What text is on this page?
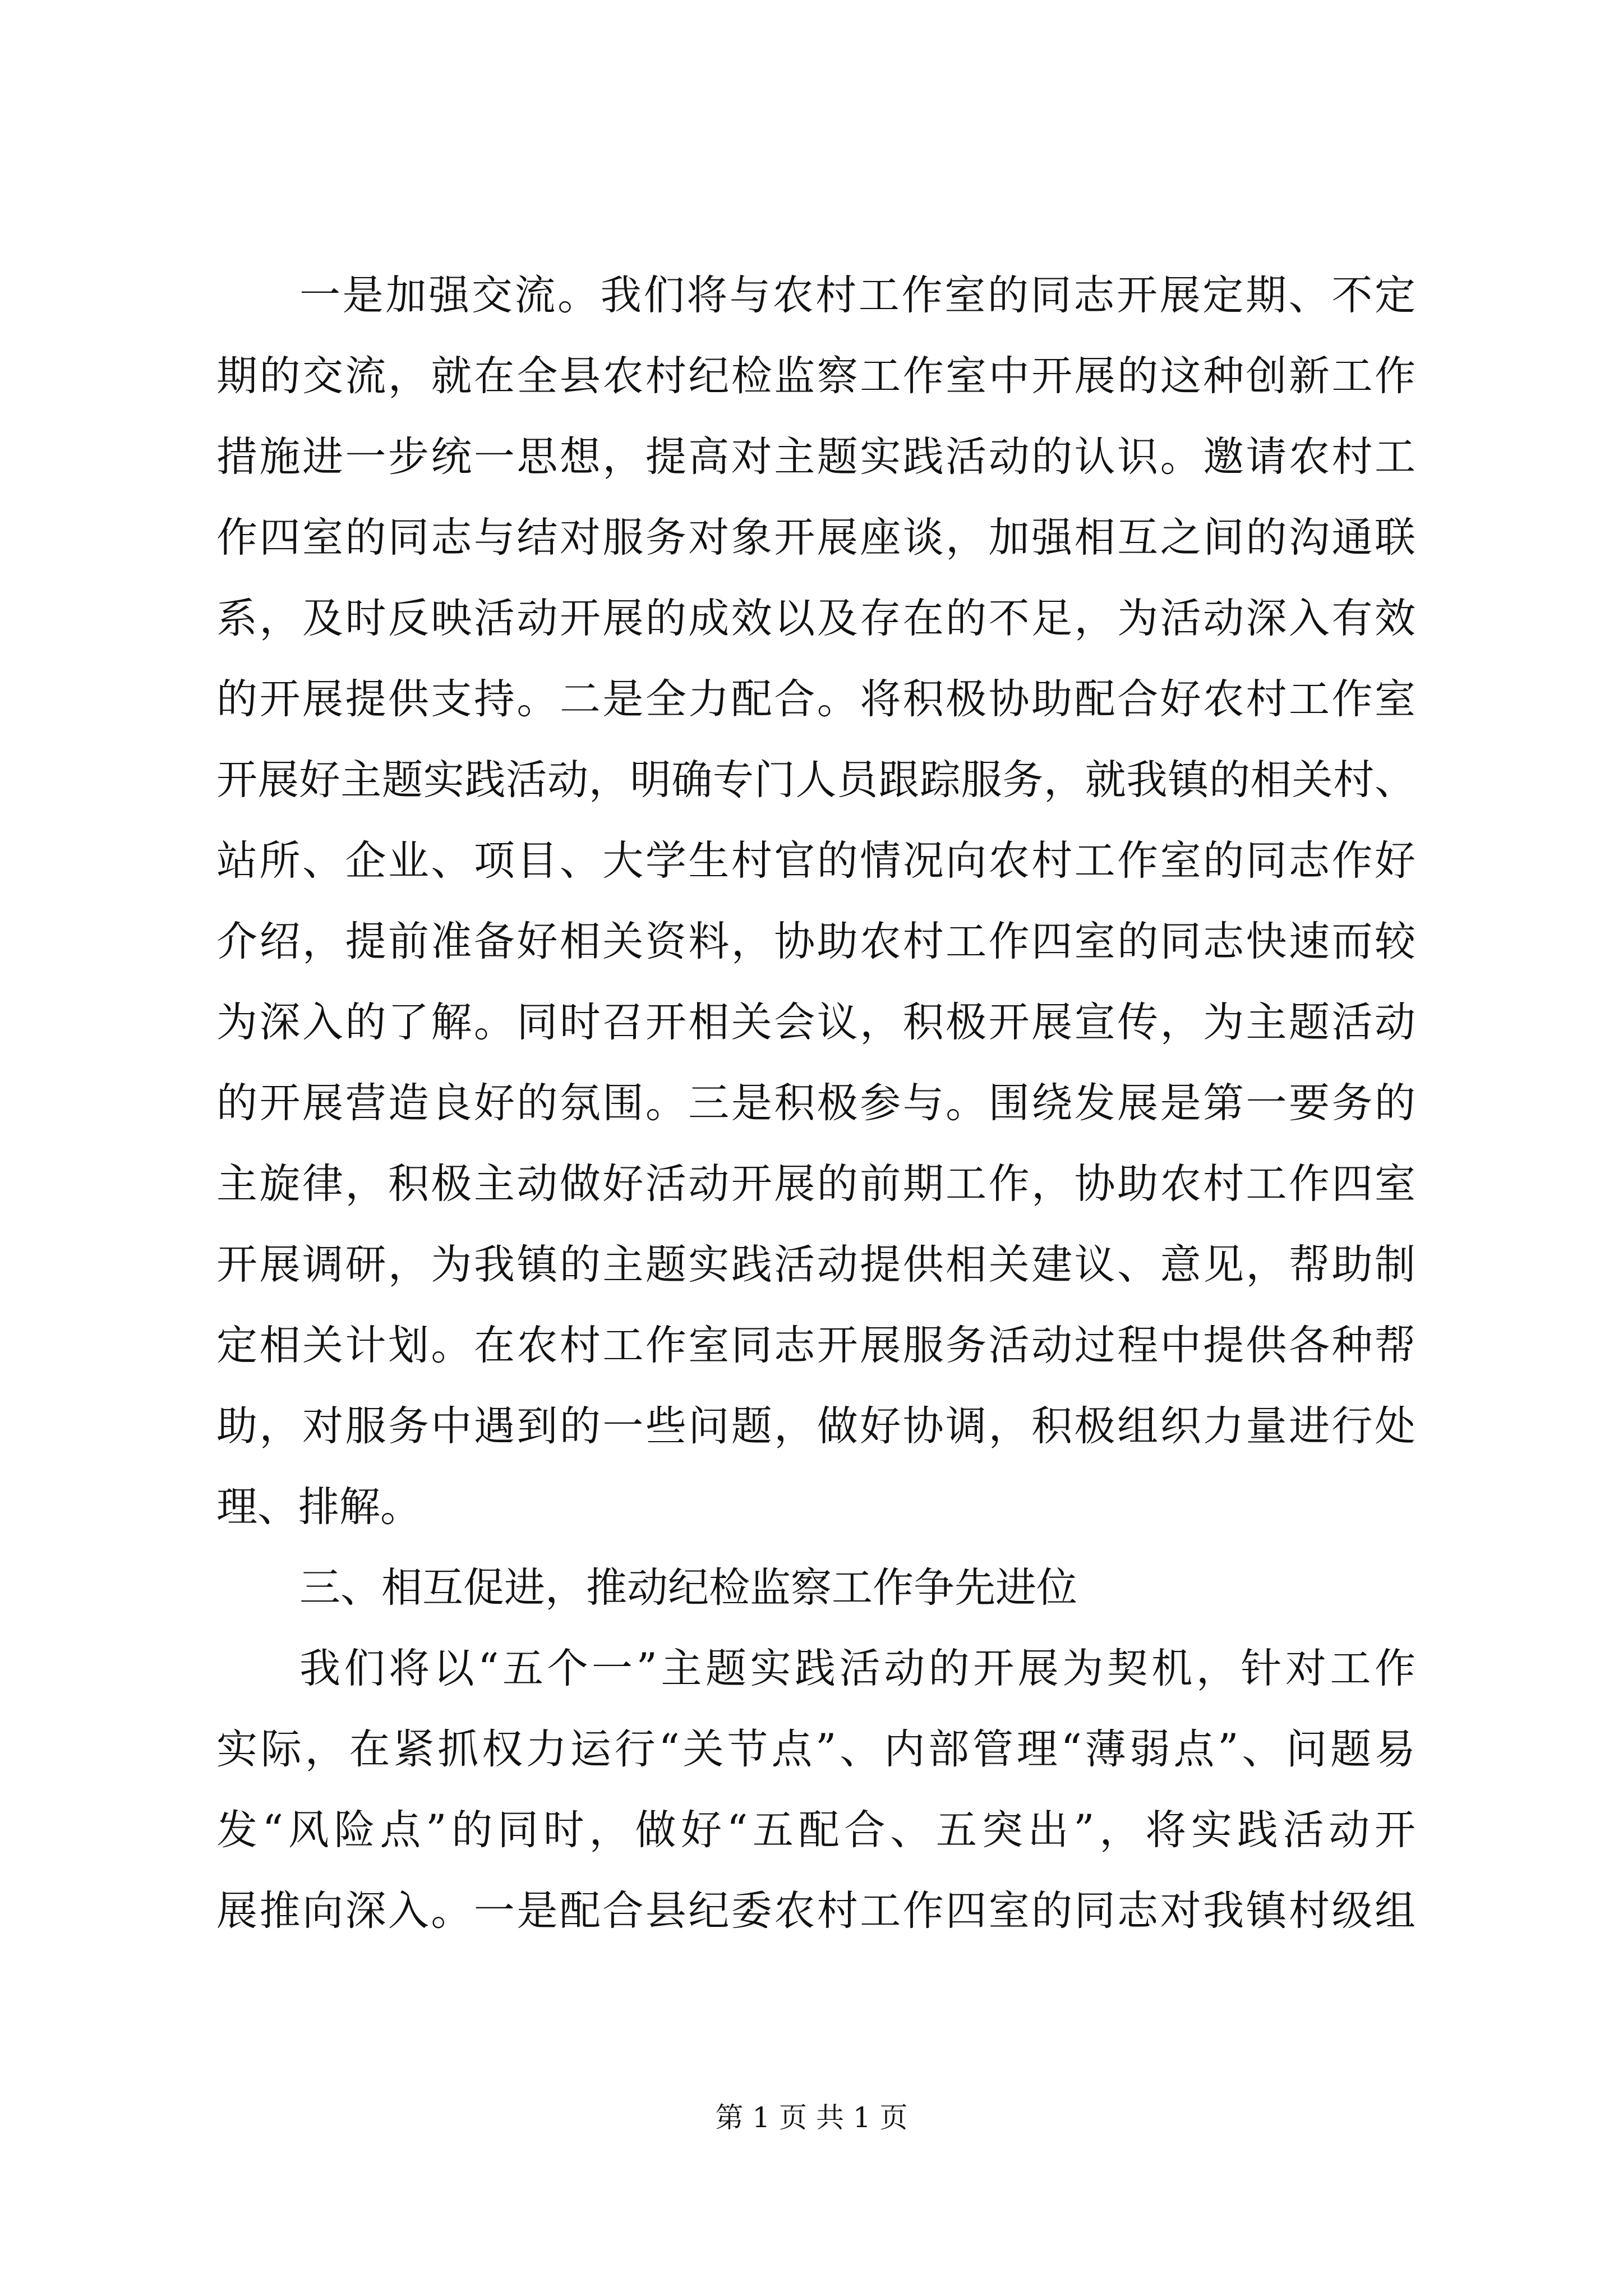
一是加强交流。我们将与农村工作室的同志开展定期、不定
期的交流，就在全县农村纪检监察工作室中开展的这种创新工作
措施进一步统一思想，提高对主题实践活动的认识。邀请农村工
作四室的同志与结对服务对象开展座谈，加强相互之间的沟通联
系，及时反映活动开展的成效以及存在的不足，为活动深入有效
的开展提供支持。二是全力配合。将积极协助配合好农村工作室
开展好主题实践活动，明确专门人员跟踪服务，就我镇的相关村、
站所、企业、项目、大学生村官的情况向农村工作室的同志作好
介绍，提前准备好相关资料，协助农村工作四室的同志快速而较
为深入的了解。同时召开相关会议，积极开展宣传，为主题活动
的开展营造良好的氛围。三是积极参与。围绕发展是第一要务的
主旋律，积极主动做好活动开展的前期工作，协助农村工作四室
开展调研，为我镇的主题实践活动提供相关建议、意见，帮助制
定相关计划。在农村工作室同志开展服务活动过程中提供各种帮
助，对服务中遇到的一些问题，做好协调，积极组织力量进行处
理、排解。
三、相互促进，推动纪检监察工作争先进位
我们将以“五个一”主题实践活动的开展为契机，针对工作
实际，在紧抓权力运行“关节点”、内部管理“薄弱点”、问题易
发“风险点”的同时，做好“五配合、五突出”，将实践活动开
展推向深入。一是配合县纪委农村工作四室的同志对我镇村级组
第 1 页 共 1 页
